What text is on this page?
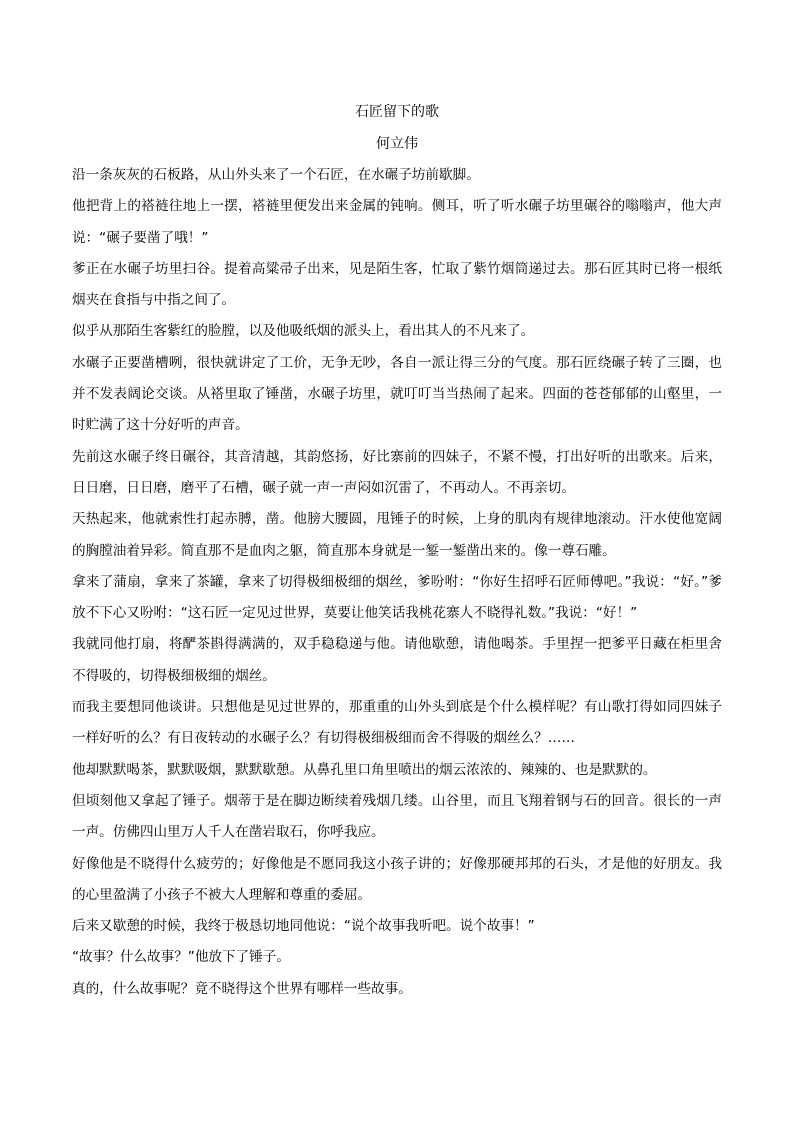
石匠留下的歌
何立伟

沿一条灰灰的石板路，从山外头来了一个石匠，在水碾子坊前歇脚。

他把背上的褡裢往地上一摆，褡裢里便发出来金属的钝响。侧耳，听了听水碾子坊里碾谷的嗡嗡声，他大声说：“碾子要凿了哦！”

爹正在水碾子坊里扫谷。提着高粱帚子出来，见是陌生客，忙取了紫竹烟筒递过去。那石匠其时已将一根纸烟夹在食指与中指之间了。

似乎从那陌生客紫红的脸膛，以及他吸纸烟的派头上，看出其人的不凡来了。

水碾子正要凿槽咧，很快就讲定了工价，无争无吵，各自一派让得三分的气度。那石匠绕碾子转了三圈，也并不发表阔论交谈。从褡里取了锤凿，水碾子坊里，就叮叮当当热闹了起来。四面的苍苍郁郁的山壑里，一时贮满了这十分好听的声音。

先前这水碾子终日碾谷，其音清越，其韵悠扬，好比寨前的四妹子，不紧不慢，打出好听的出歌来。后来，日日磨，日日磨，磨平了石槽，碾子就一声一声闷如沉雷了，不再动人。不再亲切。

天热起来，他就索性打起赤膊，凿。他膀大腰圆，甩锤子的时候，上身的肌肉有规律地滚动。汗水使他宽阔的胸膛油着异彩。简直那不是血肉之躯，简直那本身就是一錾一錾凿出来的。像一尊石雕。

拿来了蒲扇，拿来了茶罐，拿来了切得极细极细的烟丝，爹吩咐：“你好生招呼石匠师傅吧。”我说：“好。”爹放不下心又吩咐：“这石匠一定见过世界，莫要让他笑话我桃花寨人不晓得礼数。”我说：“好！”

我就同他打扇，将酽茶斟得满满的，双手稳稳递与他。请他歇憩，请他喝茶。手里捏一把爹平日藏在柜里舍不得吸的，切得极细极细的烟丝。

而我主要想同他谈讲。只想他是见过世界的，那重重的山外头到底是个什么模样呢？有山歌打得如同四妹子一样好听的么？有日夜转动的水碾子么？有切得极细极细而舍不得吸的烟丝么？……

他却默默喝茶，默默吸烟，默默歇憩。从鼻孔里口角里喷出的烟云浓浓的、辣辣的、也是默默的。

但顷刻他又拿起了锤子。烟蒂于是在脚边断续着残烟几缕。山谷里，而且飞翔着钢与石的回音。很长的一声一声。仿佛四山里万人千人在凿岩取石，你呼我应。

好像他是不晓得什么疲劳的；好像他是不愿同我这小孩子讲的；好像那硬邦邦的石头，才是他的好朋友。我的心里盈满了小孩子不被大人理解和尊重的委屈。

后来又歇憩的时候，我终于极恳切地同他说：“说个故事我听吧。说个故事！”

“故事？什么故事？”他放下了锤子。

真的，什么故事呢？竟不晓得这个世界有哪样一些故事。
